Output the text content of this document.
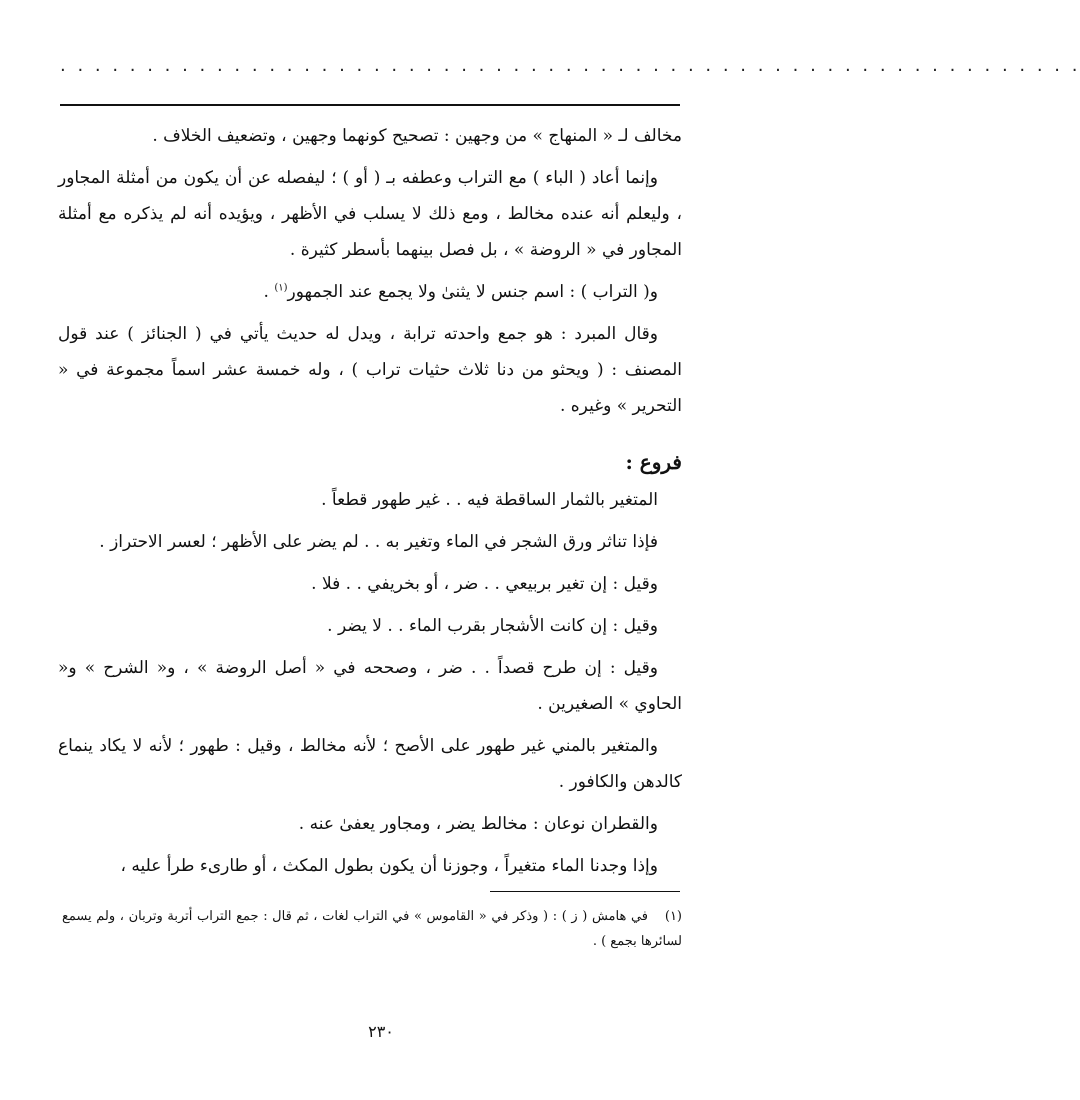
. . . . . . . . . . . . . . . . . . . . . . . . . . . . . . . . . . . . . . . . . . . . . . . . . . . . . . . . . . .

مخالف لـ « المنهاج » من وجهين : تصحيح كونهما وجهين ، وتضعيف الخلاف .

وإنما أعاد ( الباء ) مع التراب وعطفه بـ ( أو ) ؛ ليفصله عن أن يكون من أمثلة المجاور ، وليعلم أنه عنده مخالط ، ومع ذلك لا يسلب في الأظهر ، ويؤيده أنه لم يذكره مع أمثلة المجاور في « الروضة » ، بل فصل بينهما بأسطر كثيرة .

و( التراب ) : اسم جنس لا يثنىٰ ولا يجمع عند الجمهور$^{(١)}$ .

وقال المبرد : هو جمع واحدته ترابة ، ويدل له حديث يأتي في ( الجنائز ) عند قول المصنف : ( ويحثو من دنا ثلاث حثيات تراب ) ، وله خمسة عشر اسماً مجموعة في « التحرير » وغيره .

فروع :

المتغير بالثمار الساقطة فيه . . غير طهور قطعاً .

فإذا تناثر ورق الشجر في الماء وتغير به . . لم يضر على الأظهر ؛ لعسر الاحتراز .

وقيل : إن تغير بربيعي . . ضر ، أو بخريفي . . فلا .

وقيل : إن كانت الأشجار بقرب الماء . . لا يضر .

وقيل : إن طرح قصداً . . ضر ، وصححه في « أصل الروضة » ، و« الشرح » و« الحاوي » الصغيرين .

والمتغير بالمني غير طهور على الأصح ؛ لأنه مخالط ، وقيل : طهور ؛ لأنه لا يكاد ينماع كالدهن والكافور .

والقطران نوعان : مخالط يضر ، ومجاور يعفىٰ عنه .

وإذا وجدنا الماء متغيراً ، وجوزنا أن يكون بطول المكث ، أو طارىء طرأ عليه ،

(١)في هامش ( ز ) : ( وذكر في « القاموس » في التراب لغات ، ثم قال : جمع التراب أتربة وتربان ، ولم يسمع لسائرها بجمع ) .
٢٣٠
